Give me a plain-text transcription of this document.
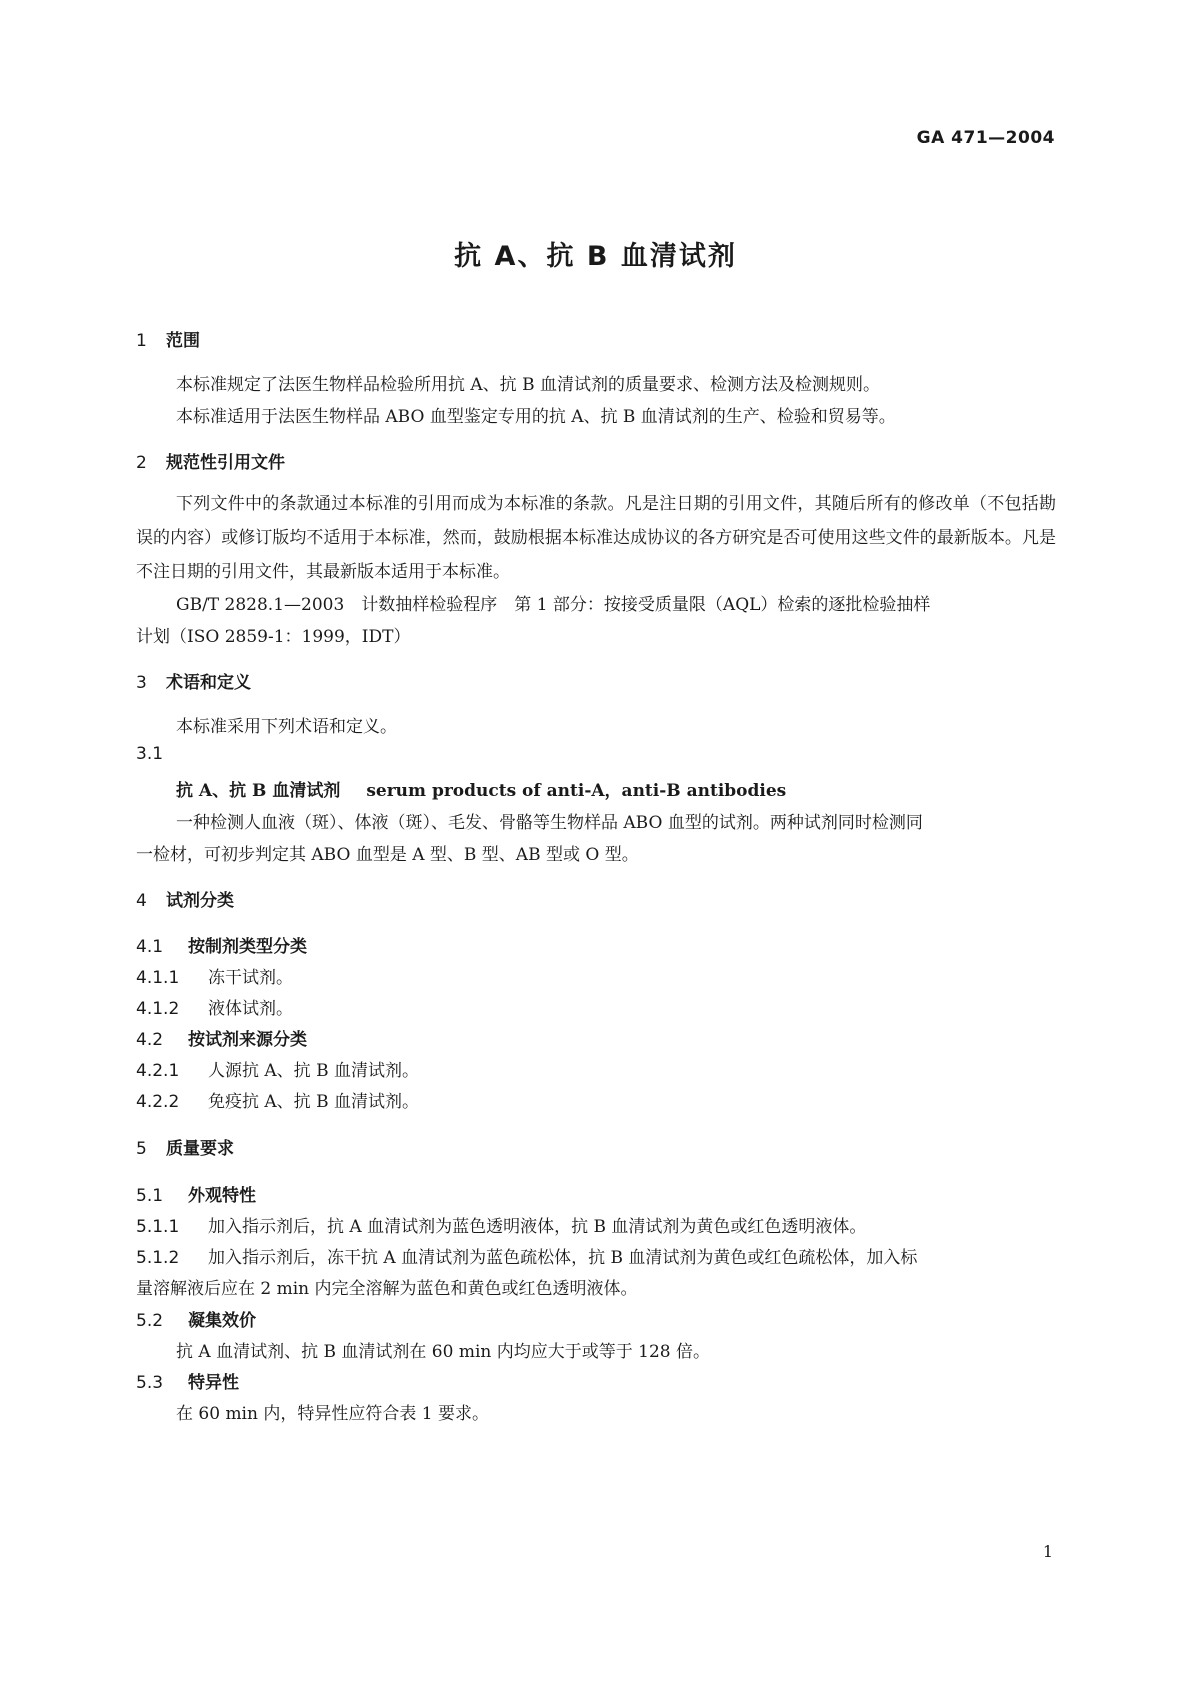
GA 471—2004
抗 A、抗 B 血清试剂
1 范围
本标准规定了法医生物样品检验所用抗 A、抗 B 血清试剂的质量要求、检测方法及检测规则。
本标准适用于法医生物样品 ABO 血型鉴定专用的抗 A、抗 B 血清试剂的生产、检验和贸易等。
2 规范性引用文件
下列文件中的条款通过本标准的引用而成为本标准的条款。凡是注日期的引用文件，其随后所有的修改单（不包括勘误的内容）或修订版均不适用于本标准，然而，鼓励根据本标准达成协议的各方研究是否可使用这些文件的最新版本。凡是不注日期的引用文件，其最新版本适用于本标准。
GB/T 2828.1—2003　计数抽样检验程序　第 1 部分：按接受质量限（AQL）检索的逐批检验抽样
计划（ISO 2859-1：1999，IDT）
3 术语和定义
本标准采用下列术语和定义。
3.1
抗 A、抗 B 血清试剂 serum products of anti-A，anti-B antibodies
一种检测人血液（斑）、体液（斑）、毛发、骨骼等生物样品 ABO 血型的试剂。两种试剂同时检测同
一检材，可初步判定其 ABO 血型是 A 型、B 型、AB 型或 O 型。
4 试剂分类
4.1 按制剂类型分类
4.1.1 冻干试剂。
4.1.2 液体试剂。
4.2 按试剂来源分类
4.2.1 人源抗 A、抗 B 血清试剂。
4.2.2 免疫抗 A、抗 B 血清试剂。
5 质量要求
5.1 外观特性
5.1.1 加入指示剂后，抗 A 血清试剂为蓝色透明液体，抗 B 血清试剂为黄色或红色透明液体。
5.1.2 加入指示剂后，冻干抗 A 血清试剂为蓝色疏松体，抗 B 血清试剂为黄色或红色疏松体，加入标
量溶解液后应在 2 min 内完全溶解为蓝色和黄色或红色透明液体。
5.2 凝集效价
抗 A 血清试剂、抗 B 血清试剂在 60 min 内均应大于或等于 128 倍。
5.3 特异性
在 60 min 内，特异性应符合表 1 要求。
1
